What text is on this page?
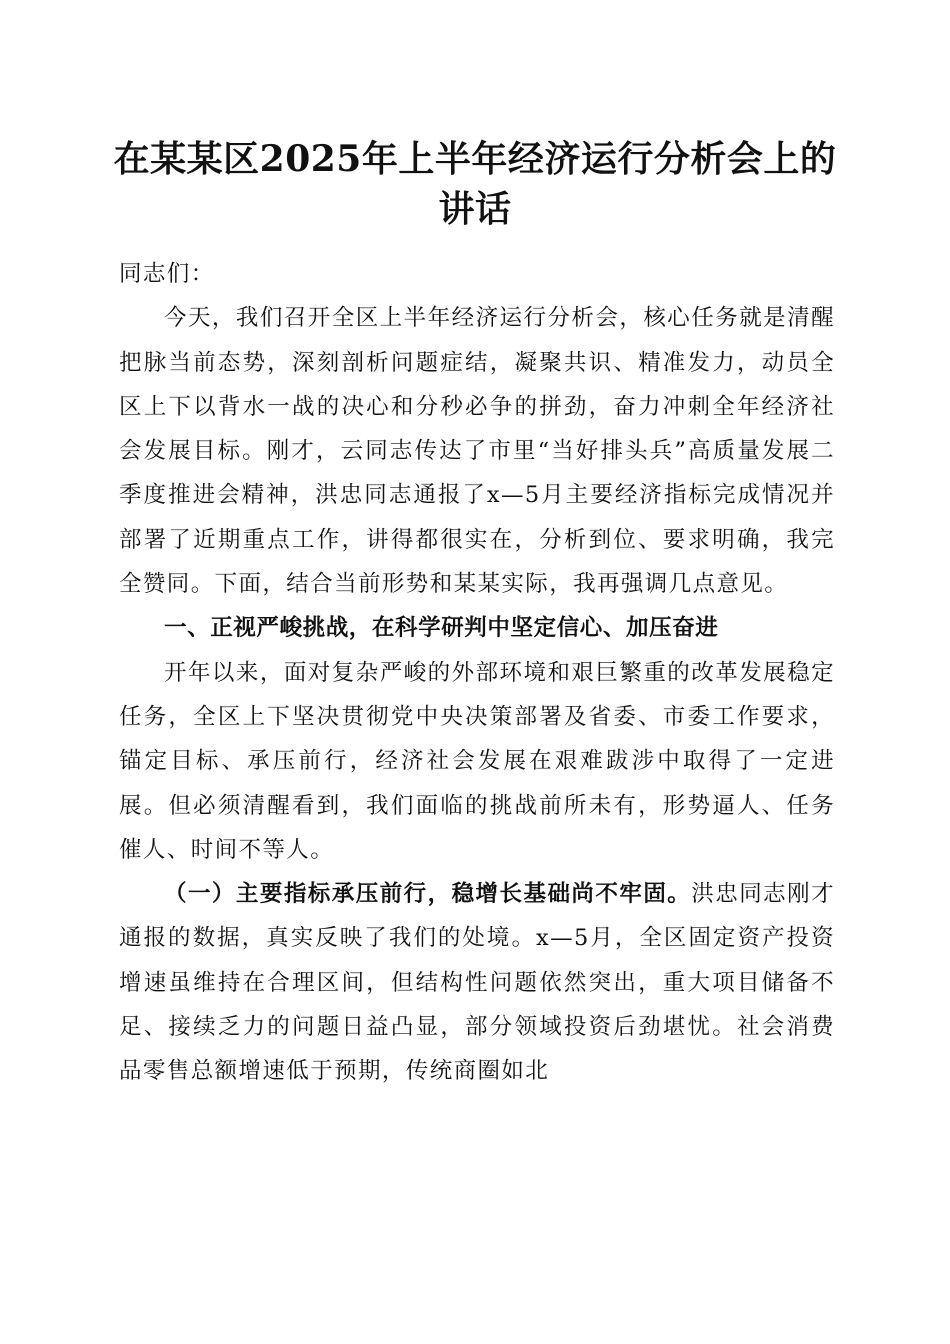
在某某区2025年上半年经济运行分析会上的
讲话

同志们：

今天，我们召开全区上半年经济运行分析会，核心任务就是清醒把脉当前态势，深刻剖析问题症结，凝聚共识、精准发力，动员全区上下以背水一战的决心和分秒必争的拼劲，奋力冲刺全年经济社会发展目标。刚才，云同志传达了市里“当好排头兵”高质量发展二季度推进会精神，洪忠同志通报了x—5月主要经济指标完成情况并部署了近期重点工作，讲得都很实在，分析到位、要求明确，我完全赞同。下面，结合当前形势和某某实际，我再强调几点意见。

一、正视严峻挑战，在科学研判中坚定信心、加压奋进

开年以来，面对复杂严峻的外部环境和艰巨繁重的改革发展稳定任务，全区上下坚决贯彻党中央决策部署及省委、市委工作要求，锚定目标、承压前行，经济社会发展在艰难跋涉中取得了一定进展。但必须清醒看到，我们面临的挑战前所未有，形势逼人、任务催人、时间不等人。

（一）主要指标承压前行，稳增长基础尚不牢固。洪忠同志刚才通报的数据，真实反映了我们的处境。x—5月，全区固定资产投资增速虽维持在合理区间，但结构性问题依然突出，重大项目储备不足、接续乏力的问题日益凸显，部分领域投资后劲堪忧。社会消费品零售总额增速低于预期，传统商圈如北
